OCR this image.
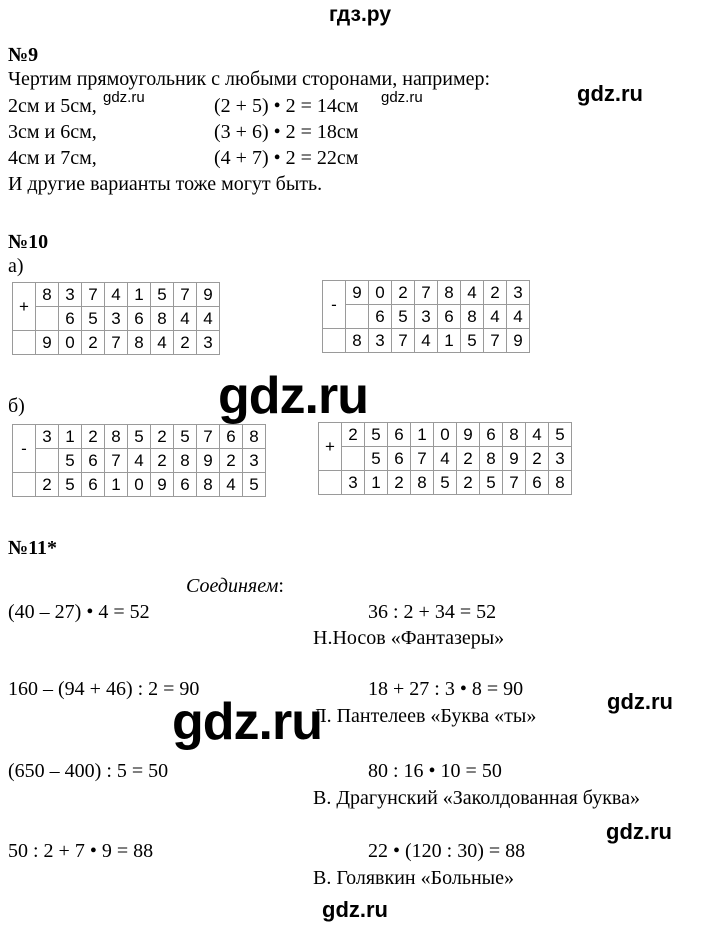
гдз.ру
№9
Чертим прямоугольник с любыми сторонами, например:
2см и 5см,	(2 + 5) • 2 = 14см
3см и 6см,	(3 + 6) • 2 = 18см
4см и 7см,	(4 + 7) • 2 = 22см
И другие варианты тоже могут быть.
gdz.ru	gdz.ru	gdz.ru
№10
а)
+	8	3	7	4	1	5	7	9
		6	5	3	6	8	4	4
	9	0	2	7	8	4	2	3
-	9	0	2	7	8	4	2	3
		6	5	3	6	8	4	4
	8	3	7	4	1	5	7	9
б)	gdz.ru
-	3	1	2	8	5	2	5	7	6	8
		5	6	7	4	2	8	9	2	3
	2	5	6	1	0	9	6	8	4	5
+	2	5	6	1	0	9	6	8	4	5
		5	6	7	4	2	8	9	2	3
	3	1	2	8	5	2	5	7	6	8
№11*
Соединяем:
(40 – 27) • 4 = 52	36 : 2 + 34 = 52
Н.Носов «Фантазеры»
160 – (94 + 46) : 2 = 90	18 + 27 : 3 • 8 = 90
Л. Пантелеев «Буква «ты»
(650 – 400) : 5 = 50	80 : 16 • 10 = 50
В. Драгунский «Заколдованная буква»
50 : 2 + 7 • 9 = 88	22 • (120 : 30) = 88
В. Голявкин «Больные»
gdz.ru
gdz.ru
gdz.ru
gdz.ru
